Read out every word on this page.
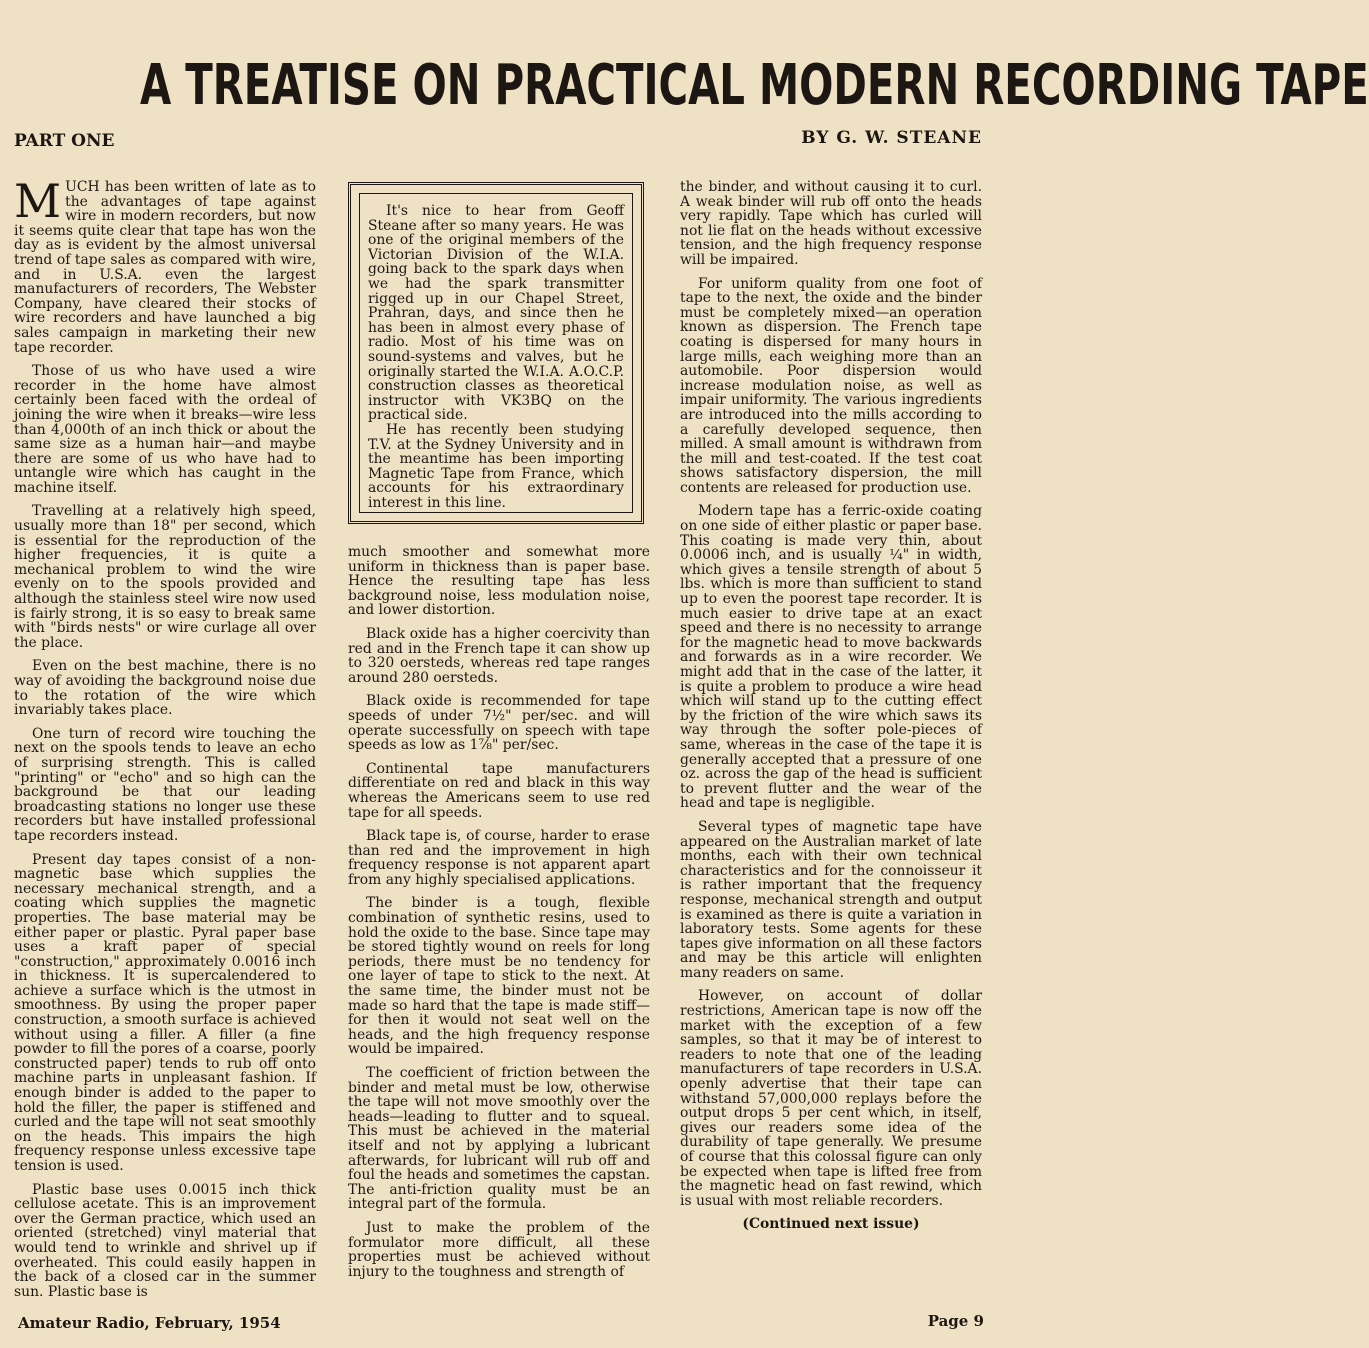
A TREATISE ON PRACTICAL MODERN RECORDING TAPE
PART ONE	BY G. W. STEANE

MUCH has been written of late as to the advantages of tape against wire in modern recorders, but now it seems quite clear that tape has won the day as is evident by the almost universal trend of tape sales as compared with wire, and in U.S.A. even the largest manufacturers of recorders, The Webster Company, have cleared their stocks of wire recorders and have launched a big sales campaign in marketing their new tape recorder.

Those of us who have used a wire recorder in the home have almost certainly been faced with the ordeal of joining the wire when it breaks—wire less than 4,000th of an inch thick or about the same size as a human hair—and maybe there are some of us who have had to untangle wire which has caught in the machine itself.

Travelling at a relatively high speed, usually more than 18" per second, which is essential for the reproduction of the higher frequencies, it is quite a mechanical problem to wind the wire evenly on to the spools provided and although the stainless steel wire now used is fairly strong, it is so easy to break same with "birds nests" or wire curlage all over the place.

Even on the best machine, there is no way of avoiding the background noise due to the rotation of the wire which invariably takes place.

One turn of record wire touching the next on the spools tends to leave an echo of surprising strength. This is called "printing" or "echo" and so high can the background be that our leading broadcasting stations no longer use these recorders but have installed professional tape recorders instead.

Present day tapes consist of a non-magnetic base which supplies the necessary mechanical strength, and a coating which supplies the magnetic properties. The base material may be either paper or plastic. Pyral paper base uses a kraft paper of special "construction," approximately 0.0016 inch in thickness. It is supercalendered to achieve a surface which is the utmost in smoothness. By using the proper paper construction, a smooth surface is achieved without using a filler. A filler (a fine powder to fill the pores of a coarse, poorly constructed paper) tends to rub off onto machine parts in unpleasant fashion. If enough binder is added to the paper to hold the filler, the paper is stiffened and curled and the tape will not seat smoothly on the heads. This impairs the high frequency response unless excessive tape tension is used.

Plastic base uses 0.0015 inch thick cellulose acetate. This is an improvement over the German practice, which used an oriented (stretched) vinyl material that would tend to wrinkle and shrivel up if overheated. This could easily happen in the back of a closed car in the summer sun. Plastic base is

It's nice to hear from Geoff Steane after so many years. He was one of the original members of the Victorian Division of the W.I.A. going back to the spark days when we had the spark transmitter rigged up in our Chapel Street, Prahran, days, and since then he has been in almost every phase of radio. Most of his time was on sound-systems and valves, but he originally started the W.I.A. A.O.C.P. construction classes as theoretical instructor with VK3BQ on the practical side.

He has recently been studying T.V. at the Sydney University and in the meantime has been importing Magnetic Tape from France, which accounts for his extraordinary interest in this line.

much smoother and somewhat more uniform in thickness than is paper base. Hence the resulting tape has less background noise, less modulation noise, and lower distortion.

Black oxide has a higher coercivity than red and in the French tape it can show up to 320 oersteds, whereas red tape ranges around 280 oersteds.

Black oxide is recommended for tape speeds of under 7½" per/sec. and will operate successfully on speech with tape speeds as low as 1⅞" per/sec.

Continental tape manufacturers differentiate on red and black in this way whereas the Americans seem to use red tape for all speeds.

Black tape is, of course, harder to erase than red and the improvement in high frequency response is not apparent apart from any highly specialised applications.

The binder is a tough, flexible combination of synthetic resins, used to hold the oxide to the base. Since tape may be stored tightly wound on reels for long periods, there must be no tendency for one layer of tape to stick to the next. At the same time, the binder must not be made so hard that the tape is made stiff—for then it would not seat well on the heads, and the high frequency response would be impaired.

The coefficient of friction between the binder and metal must be low, otherwise the tape will not move smoothly over the heads—leading to flutter and to squeal. This must be achieved in the material itself and not by applying a lubricant afterwards, for lubricant will rub off and foul the heads and sometimes the capstan. The anti-friction quality must be an integral part of the formula.

Just to make the problem of the formulator more difficult, all these properties must be achieved without injury to the toughness and strength of

the binder, and without causing it to curl. A weak binder will rub off onto the heads very rapidly. Tape which has curled will not lie flat on the heads without excessive tension, and the high frequency response will be impaired.

For uniform quality from one foot of tape to the next, the oxide and the binder must be completely mixed—an operation known as dispersion. The French tape coating is dispersed for many hours in large mills, each weighing more than an automobile. Poor dispersion would increase modulation noise, as well as impair uniformity. The various ingredients are introduced into the mills according to a carefully developed sequence, then milled. A small amount is withdrawn from the mill and test-coated. If the test coat shows satisfactory dispersion, the mill contents are released for production use.

Modern tape has a ferric-oxide coating on one side of either plastic or paper base. This coating is made very thin, about 0.0006 inch, and is usually ¼" in width, which gives a tensile strength of about 5 lbs. which is more than sufficient to stand up to even the poorest tape recorder. It is much easier to drive tape at an exact speed and there is no necessity to arrange for the magnetic head to move backwards and forwards as in a wire recorder. We might add that in the case of the latter, it is quite a problem to produce a wire head which will stand up to the cutting effect by the friction of the wire which saws its way through the softer pole-pieces of same, whereas in the case of the tape it is generally accepted that a pressure of one oz. across the gap of the head is sufficient to prevent flutter and the wear of the head and tape is negligible.

Several types of magnetic tape have appeared on the Australian market of late months, each with their own technical characteristics and for the connoisseur it is rather important that the frequency response, mechanical strength and output is examined as there is quite a variation in laboratory tests. Some agents for these tapes give information on all these factors and may be this article will enlighten many readers on same.

However, on account of dollar restrictions, American tape is now off the market with the exception of a few samples, so that it may be of interest to readers to note that one of the leading manufacturers of tape recorders in U.S.A. openly advertise that their tape can withstand 57,000,000 replays before the output drops 5 per cent which, in itself, gives our readers some idea of the durability of tape generally. We presume of course that this colossal figure can only be expected when tape is lifted free from the magnetic head on fast rewind, which is usual with most reliable recorders.

(Continued next issue)

Amateur Radio, February, 1954	Page 9
